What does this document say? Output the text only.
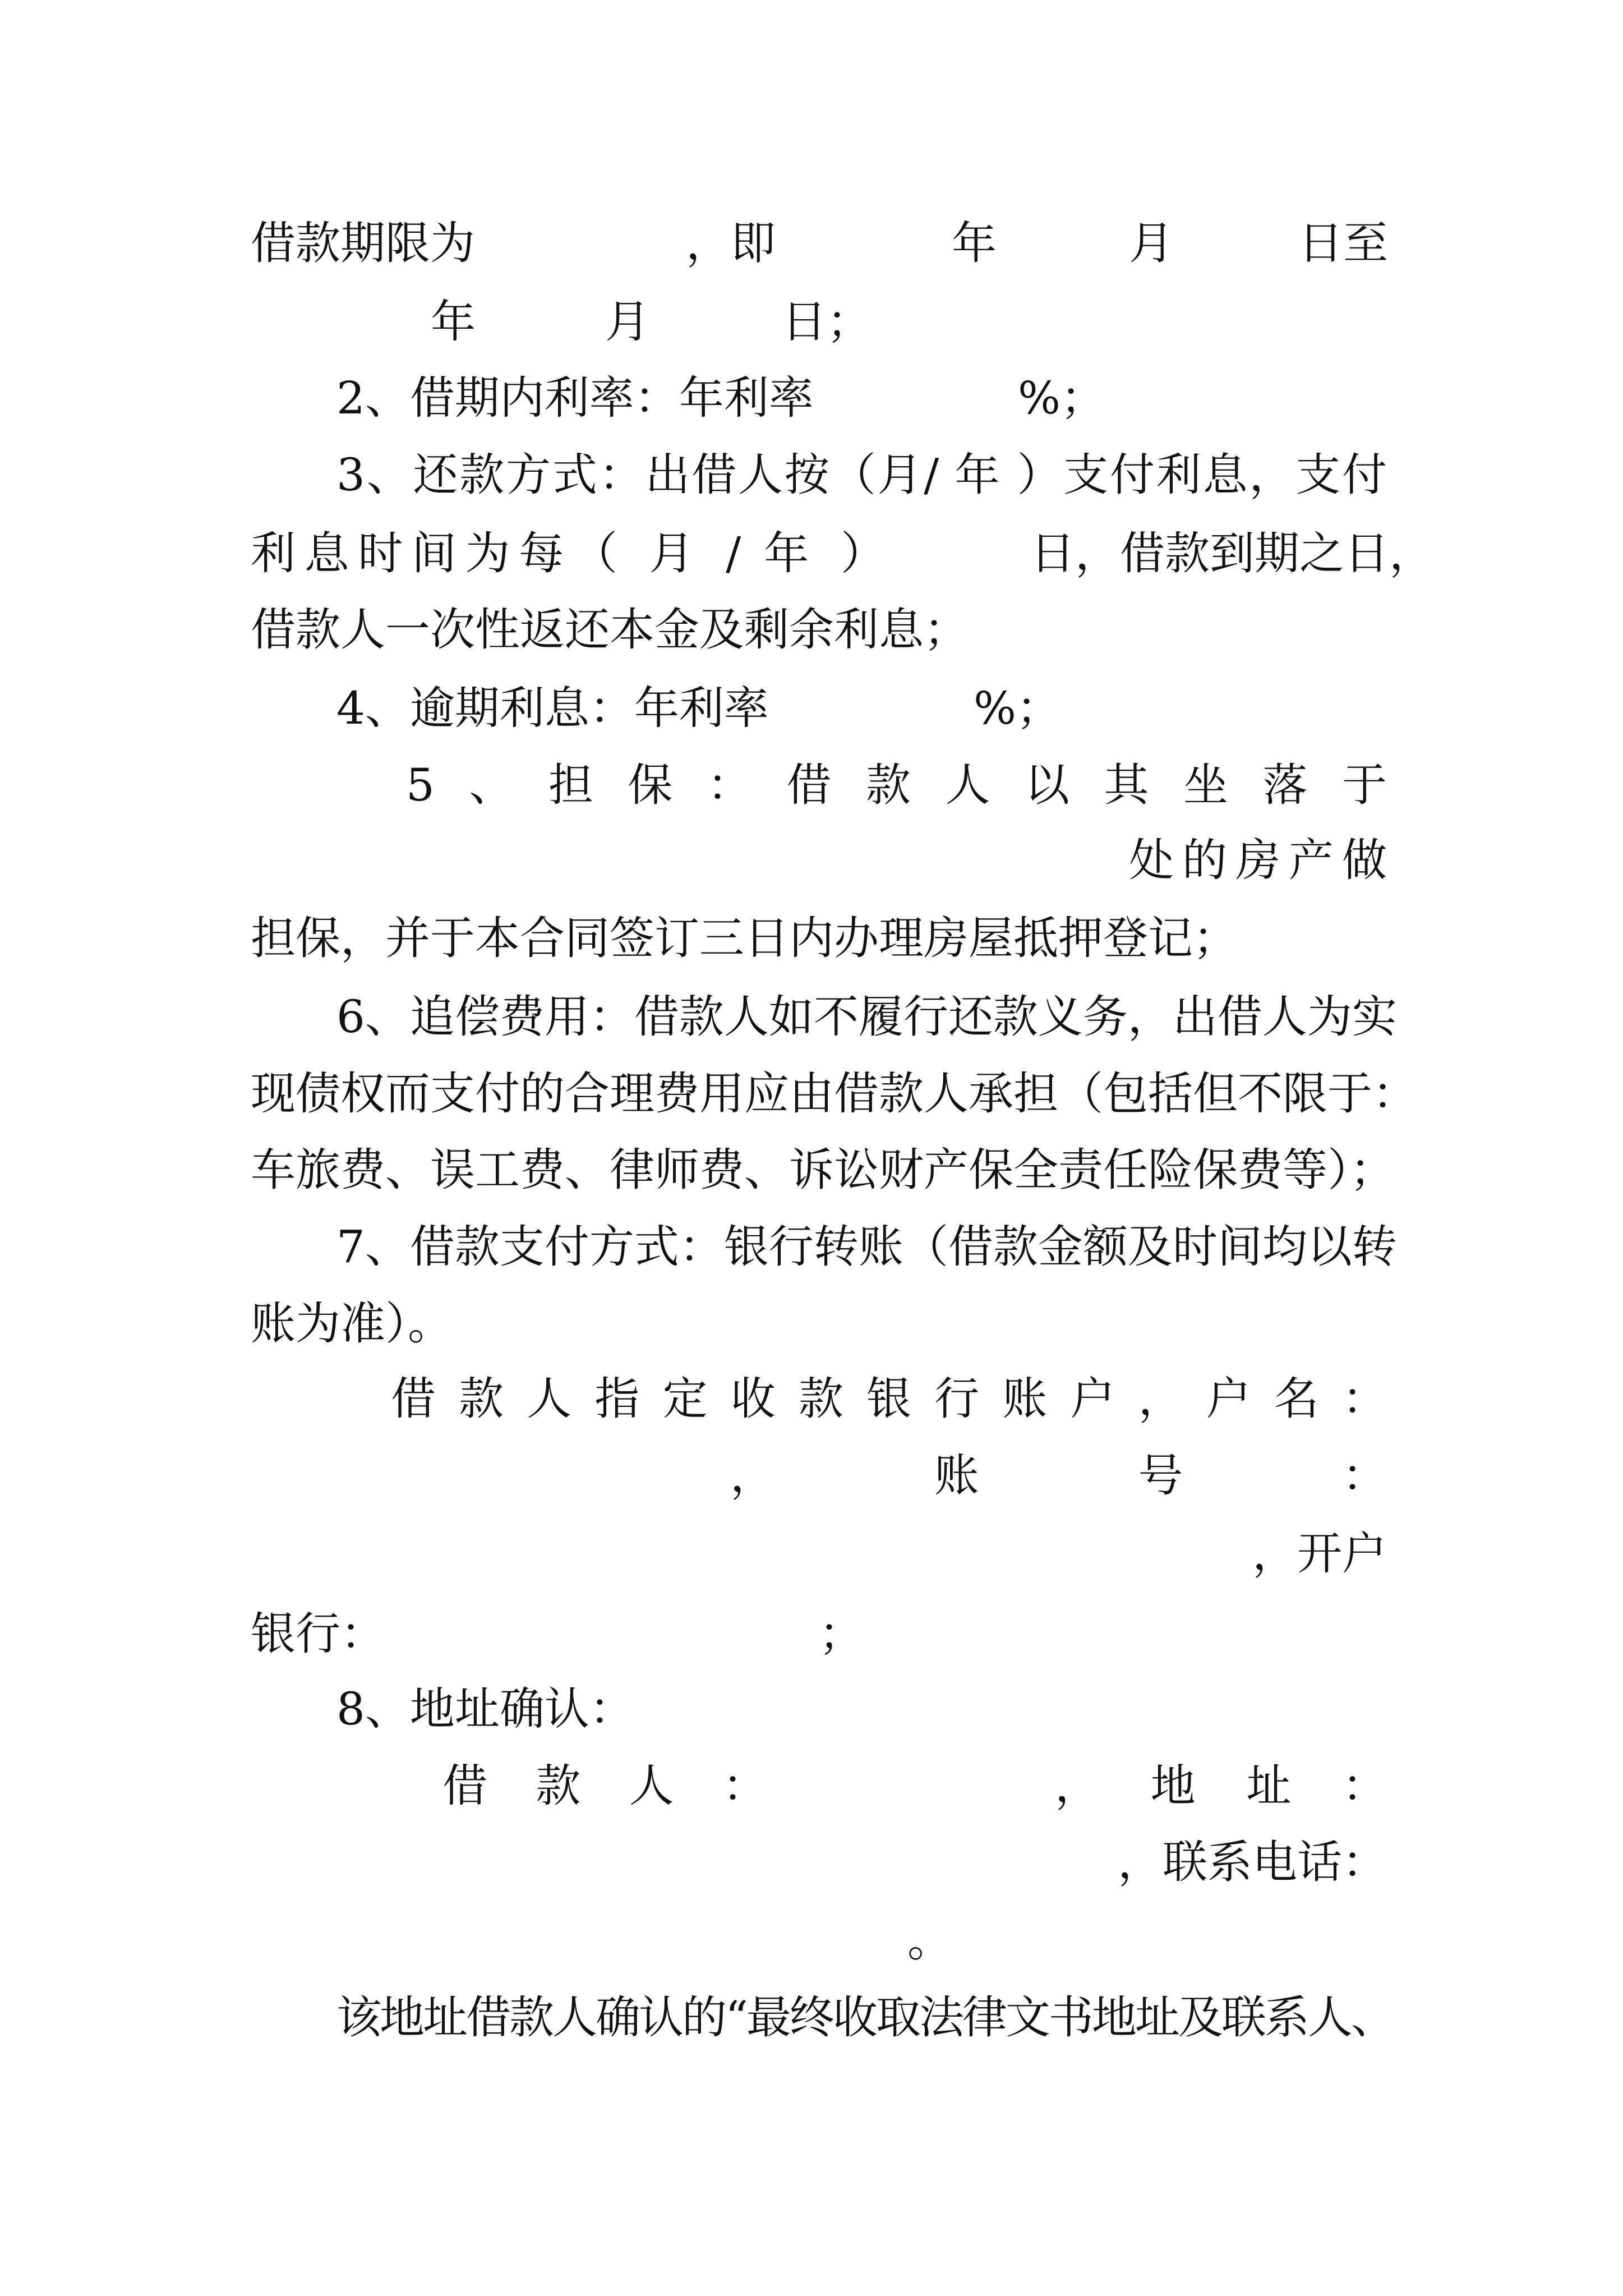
借款期限为	，即	年	月	日至
年	月	日；
2、借期内利率：年利率	%；
3、还款方式：出借人按（月/ 年 ）支付利息，支付
利息时间为每（ 月 / 年 ）	日，借款到期之日，
借款人一次性返还本金及剩余利息；
4、逾期利息：年利率	%；
5、担保：借款人以其坐落于
处的房产做
担保，并于本合同签订三日内办理房屋抵押登记；
6、追偿费用：借款人如不履行还款义务，出借人为实
现债权而支付的合理费用应由借款人承担（包括但不限于：
车旅费、误工费、律师费、诉讼财产保全责任险保费等）；
7、借款支付方式：银行转账（借款金额及时间均以转
账为准）。
借款人指定收款银行账户，户名：
，账号：
，开户
银行：	；
8、地址确认：
借款人：	，地址：
，联系电话：
。
该地址借款人确认的“最终收取法律文书地址及联系人、
